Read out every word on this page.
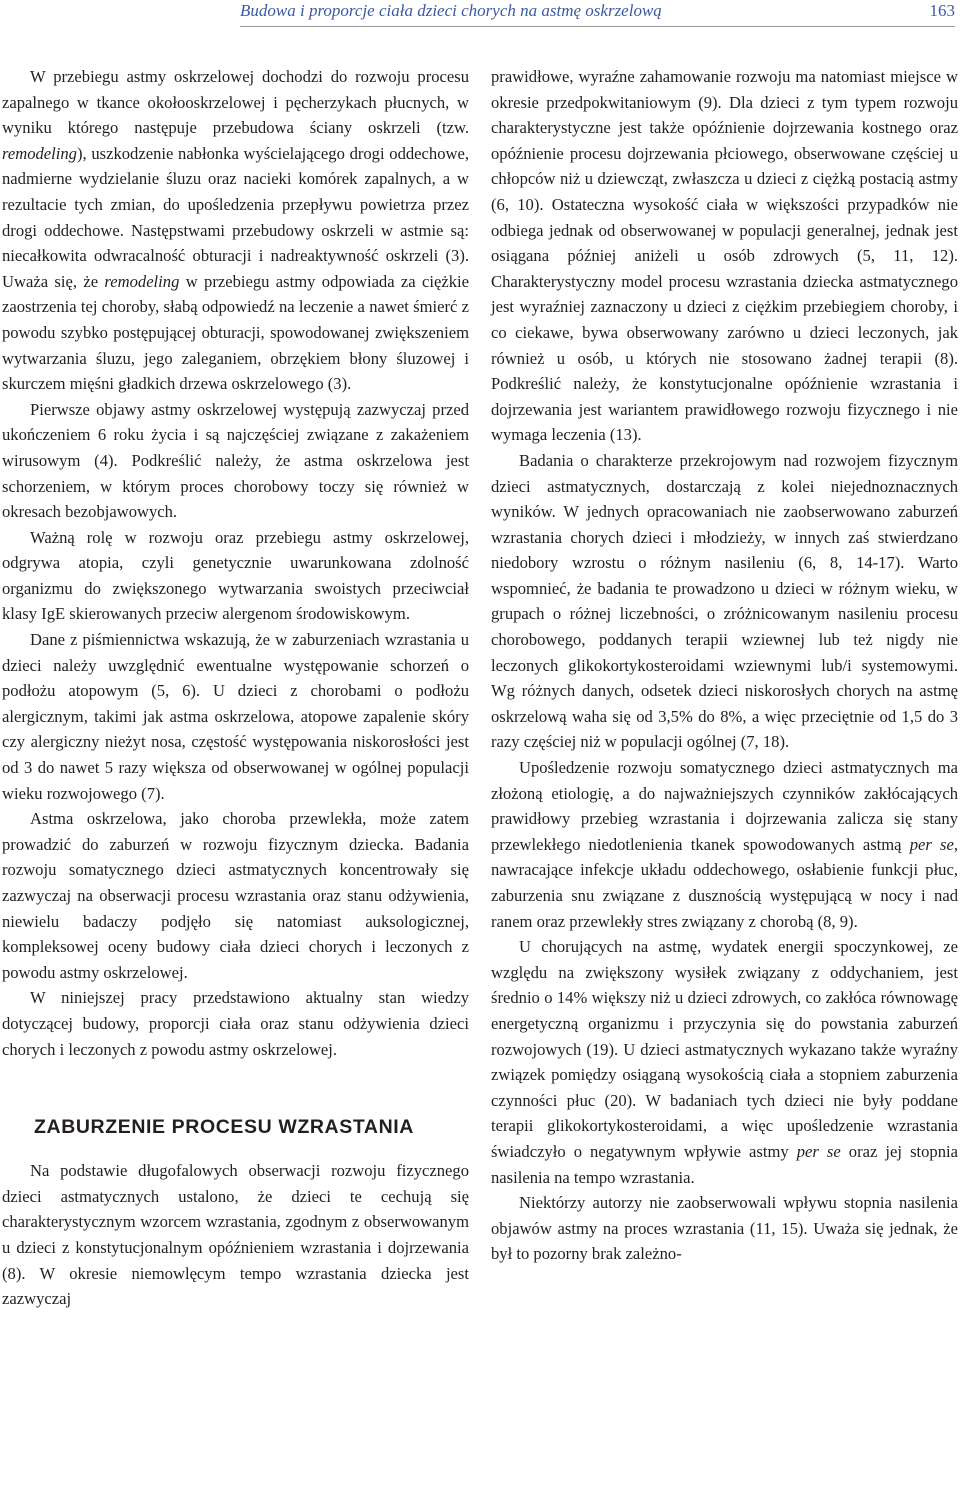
Budowa i proporcje ciała dzieci chorych na astmę oskrzelową	163

W przebiegu astmy oskrzelowej dochodzi do rozwoju procesu zapalnego w tkance okołooskrzelowej i pęcherzykach płucnych, w wyniku którego następuje przebudowa ściany oskrzeli (tzw. remodeling), uszkodzenie nabłonka wyścielającego drogi oddechowe, nadmierne wydzielanie śluzu oraz nacieki komórek zapalnych, a w rezultacie tych zmian, do upośledzenia przepływu powietrza przez drogi oddechowe. Następstwami przebudowy oskrzeli w astmie są: niecałkowita odwracalność obturacji i nadreaktywność oskrzeli (3). Uważa się, że remodeling w przebiegu astmy odpowiada za ciężkie zaostrzenia tej choroby, słabą odpowiedź na leczenie a nawet śmierć z powodu szybko postępującej obturacji, spowodowanej zwiększeniem wytwarzania śluzu, jego zaleganiem, obrzękiem błony śluzowej i skurczem mięśni gładkich drzewa oskrzelowego (3).

Pierwsze objawy astmy oskrzelowej występują zazwyczaj przed ukończeniem 6 roku życia i są najczęściej związane z zakażeniem wirusowym (4). Podkreślić należy, że astma oskrzelowa jest schorzeniem, w którym proces chorobowy toczy się również w okresach bezobjawowych.

Ważną rolę w rozwoju oraz przebiegu astmy oskrzelowej, odgrywa atopia, czyli genetycznie uwarunkowana zdolność organizmu do zwiększonego wytwarzania swoistych przeciwciał klasy IgE skierowanych przeciw alergenom środowiskowym.

Dane z piśmiennictwa wskazują, że w zaburzeniach wzrastania u dzieci należy uwzględnić ewentualne występowanie schorzeń o podłożu atopowym (5, 6). U dzieci z chorobami o podłożu alergicznym, takimi jak astma oskrzelowa, atopowe zapalenie skóry czy alergiczny nieżyt nosa, częstość występowania niskorosłości jest od 3 do nawet 5 razy większa od obserwowanej w ogólnej populacji wieku rozwojowego (7).

Astma oskrzelowa, jako choroba przewlekła, może zatem prowadzić do zaburzeń w rozwoju fizycznym dziecka. Badania rozwoju somatycznego dzieci astmatycznych koncentrowały się zazwyczaj na obserwacji procesu wzrastania oraz stanu odżywienia, niewielu badaczy podjęło się natomiast auksologicznej, kompleksowej oceny budowy ciała dzieci chorych i leczonych z powodu astmy oskrzelowej.

W niniejszej pracy przedstawiono aktualny stan wiedzy dotyczącej budowy, proporcji ciała oraz stanu odżywienia dzieci chorych i leczonych z powodu astmy oskrzelowej.

ZABURZENIE PROCESU WZRASTANIA

Na podstawie długofalowych obserwacji rozwoju fizycznego dzieci astmatycznych ustalono, że dzieci te cechują się charakterystycznym wzorcem wzrastania, zgodnym z obserwowanym u dzieci z konstytucjonalnym opóźnieniem wzrastania i dojrzewania (8). W okresie niemowlęcym tempo wzrastania dziecka jest zazwyczaj

prawidłowe, wyraźne zahamowanie rozwoju ma natomiast miejsce w okresie przedpokwitaniowym (9). Dla dzieci z tym typem rozwoju charakterystyczne jest także opóźnienie dojrzewania kostnego oraz opóźnienie procesu dojrzewania płciowego, obserwowane częściej u chłopców niż u dziewcząt, zwłaszcza u dzieci z ciężką postacią astmy (6, 10). Ostateczna wysokość ciała w większości przypadków nie odbiega jednak od obserwowanej w populacji generalnej, jednak jest osiągana później aniżeli u osób zdrowych (5, 11, 12). Charakterystyczny model procesu wzrastania dziecka astmatycznego jest wyraźniej zaznaczony u dzieci z ciężkim przebiegiem choroby, i co ciekawe, bywa obserwowany zarówno u dzieci leczonych, jak również u osób, u których nie stosowano żadnej terapii (8). Podkreślić należy, że konstytucjonalne opóźnienie wzrastania i dojrzewania jest wariantem prawidłowego rozwoju fizycznego i nie wymaga leczenia (13).

Badania o charakterze przekrojowym nad rozwojem fizycznym dzieci astmatycznych, dostarczają z kolei niejednoznacznych wyników. W jednych opracowaniach nie zaobserwowano zaburzeń wzrastania chorych dzieci i młodzieży, w innych zaś stwierdzano niedobory wzrostu o różnym nasileniu (6, 8, 14-17). Warto wspomnieć, że badania te prowadzono u dzieci w różnym wieku, w grupach o różnej liczebności, o zróżnicowanym nasileniu procesu chorobowego, poddanych terapii wziewnej lub też nigdy nie leczonych glikokortykosteroidami wziewnymi lub/i systemowymi. Wg różnych danych, odsetek dzieci niskorosłych chorych na astmę oskrzelową waha się od 3,5% do 8%, a więc przeciętnie od 1,5 do 3 razy częściej niż w populacji ogólnej (7, 18).

Upośledzenie rozwoju somatycznego dzieci astmatycznych ma złożoną etiologię, a do najważniejszych czynników zakłócających prawidłowy przebieg wzrastania i dojrzewania zalicza się stany przewlekłego niedotlenienia tkanek spowodowanych astmą per se, nawracające infekcje układu oddechowego, osłabienie funkcji płuc, zaburzenia snu związane z dusznością występującą w nocy i nad ranem oraz przewlekły stres związany z chorobą (8, 9).

U chorujących na astmę, wydatek energii spoczynkowej, ze względu na zwiększony wysiłek związany z oddychaniem, jest średnio o 14% większy niż u dzieci zdrowych, co zakłóca równowagę energetyczną organizmu i przyczynia się do powstania zaburzeń rozwojowych (19). U dzieci astmatycznych wykazano także wyraźny związek pomiędzy osiąganą wysokością ciała a stopniem zaburzenia czynności płuc (20). W badaniach tych dzieci nie były poddane terapii glikokortykosteroidami, a więc upośledzenie wzrastania świadczyło o negatywnym wpływie astmy per se oraz jej stopnia nasilenia na tempo wzrastania.

Niektórzy autorzy nie zaobserwowali wpływu stopnia nasilenia objawów astmy na proces wzrastania (11, 15). Uważa się jednak, że był to pozorny brak zależno-
